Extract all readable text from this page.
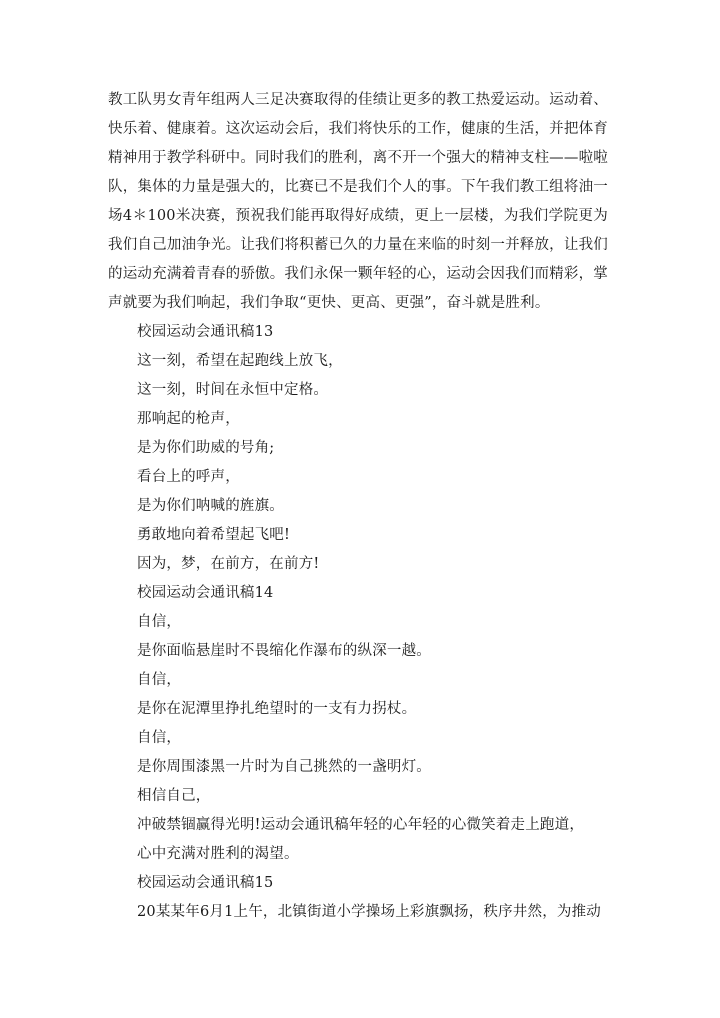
教工队男女青年组两人三足决赛取得的佳绩让更多的教工热爱运动。运动着、快乐着、健康着。这次运动会后，我们将快乐的工作，健康的生活，并把体育精神用于教学科研中。同时我们的胜利，离不开一个强大的精神支柱——啦啦队，集体的力量是强大的，比赛已不是我们个人的事。下午我们教工组将油一场4＊100米决赛，预祝我们能再取得好成绩，更上一层楼，为我们学院更为我们自己加油争光。让我们将积蓄已久的力量在来临的时刻一并释放，让我们的运动充满着青春的骄傲。我们永保一颗年轻的心，运动会因我们而精彩，掌声就要为我们响起，我们争取“更快、更高、更强”，奋斗就是胜利。

校园运动会通讯稿13

这一刻，希望在起跑线上放飞，

这一刻，时间在永恒中定格。

那响起的枪声，

是为你们助威的号角;

看台上的呼声，

是为你们呐喊的旌旗。

勇敢地向着希望起飞吧!

因为，梦，在前方，在前方!

校园运动会通讯稿14

自信，

是你面临悬崖时不畏缩化作瀑布的纵深一越。

自信，

是你在泥潭里挣扎绝望时的一支有力拐杖。

自信，

是你周围漆黑一片时为自己挑然的一盏明灯。

相信自己，

冲破禁锢赢得光明!运动会通讯稿年轻的心年轻的心微笑着走上跑道，

心中充满对胜利的渴望。

校园运动会通讯稿15

20某某年6月1上午，北镇街道小学操场上彩旗飘扬，秩序井然，为推动
